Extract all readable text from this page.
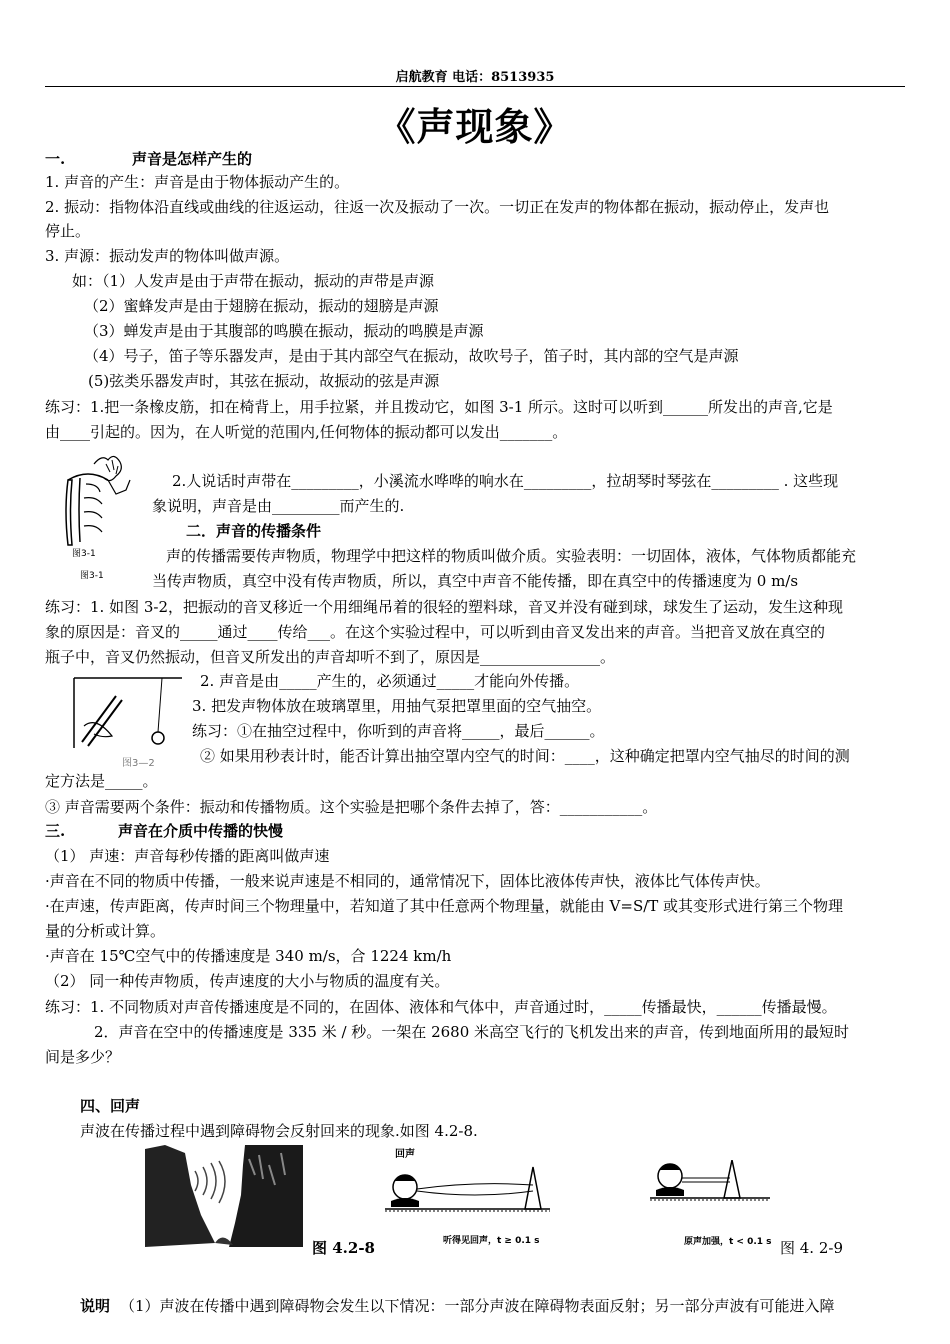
启航教育 电话：8513935
《声现象》
一.	声音是怎样产生的
1. 声音的产生：声音是由于物体振动产生的。
2. 振动：指物体沿直线或曲线的往返运动，往返一次及振动了一次。一切正在发声的物体都在振动，振动停止，发声也
停止。
3. 声源：振动发声的物体叫做声源。
如：（1）人发声是由于声带在振动，振动的声带是声源
（2）蜜蜂发声是由于翅膀在振动，振动的翅膀是声源
（3）蝉发声是由于其腹部的鸣膜在振动，振动的鸣膜是声源
（4）号子，笛子等乐器发声，是由于其内部空气在振动，故吹号子，笛子时，其内部的空气是声源
(5)弦类乐器发声时，其弦在振动，故振动的弦是声源
练习：1.把一条橡皮筋，扣在椅背上，用手拉紧，并且拨动它，如图 3-1 所示。这时可以听到______所发出的声音,它是
由____引起的。因为，在人听觉的范围内,任何物体的振动都可以发出_______。
图3-1
图3-1
2.人说话时声带在_________，小溪流水哗哗的响水在_________，拉胡琴时琴弦在_________ . 这些现
象说明，声音是由_________而产生的.
二．声音的传播条件
声的传播需要传声物质，物理学中把这样的物质叫做介质。实验表明：一切固体，液体，气体物质都能充
当传声物质，真空中没有传声物质，所以，真空中声音不能传播，即在真空中的传播速度为 0 m/s
练习：1. 如图 3-2，把振动的音叉移近一个用细绳吊着的很轻的塑料球，音叉并没有碰到球，球发生了运动，发生这种现
象的原因是：音叉的_____通过____传给___。在这个实验过程中，可以听到由音叉发出来的声音。当把音叉放在真空的
瓶子中，音叉仍然振动，但音叉所发出的声音却听不到了，原因是________________。
图3—2
2. 声音是由_____产生的，必须通过_____才能向外传播。
3. 把发声物体放在玻璃罩里，用抽气泵把罩里面的空气抽空。
练习：①在抽空过程中，你听到的声音将_____，最后______。
② 如果用秒表计时，能否计算出抽空罩内空气的时间：____，这种确定把罩内空气抽尽的时间的测
定方法是_____。
③ 声音需要两个条件：振动和传播物质。这个实验是把哪个条件去掉了，答：___________。
三.	声音在介质中传播的快慢
（1） 声速：声音每秒传播的距离叫做声速
·声音在不同的物质中传播，一般来说声速是不相同的，通常情况下，固体比液体传声快，液体比气体传声快。
·在声速，传声距离，传声时间三个物理量中，若知道了其中任意两个物理量，就能由 V=S/T 或其变形式进行第三个物理
量的分析或计算。
·声音在 15℃空气中的传播速度是 340 m/s，合 1224 km/h
（2） 同一种传声物质，传声速度的大小与物质的温度有关。
练习：1. 不同物质对声音传播速度是不同的，在固体、液体和气体中，声音通过时，_____传播最快，______传播最慢。
2．声音在空中的传播速度是 335 米 / 秒。一架在 2680 米高空飞行的飞机发出来的声音，传到地面所用的最短时
间是多少？
四、回声
声波在传播过程中遇到障碍物会反射回来的现象.如图 4.2-8.
回声
听得见回声，t ≥ 0.1 s	原声加强，t < 0.1 s
图 4.2-8	图 4. 2-9
说明 （1）声波在传播中遇到障碍物会发生以下情况：一部分声波在障碍物表面反射；另一部分声波有可能进入障
